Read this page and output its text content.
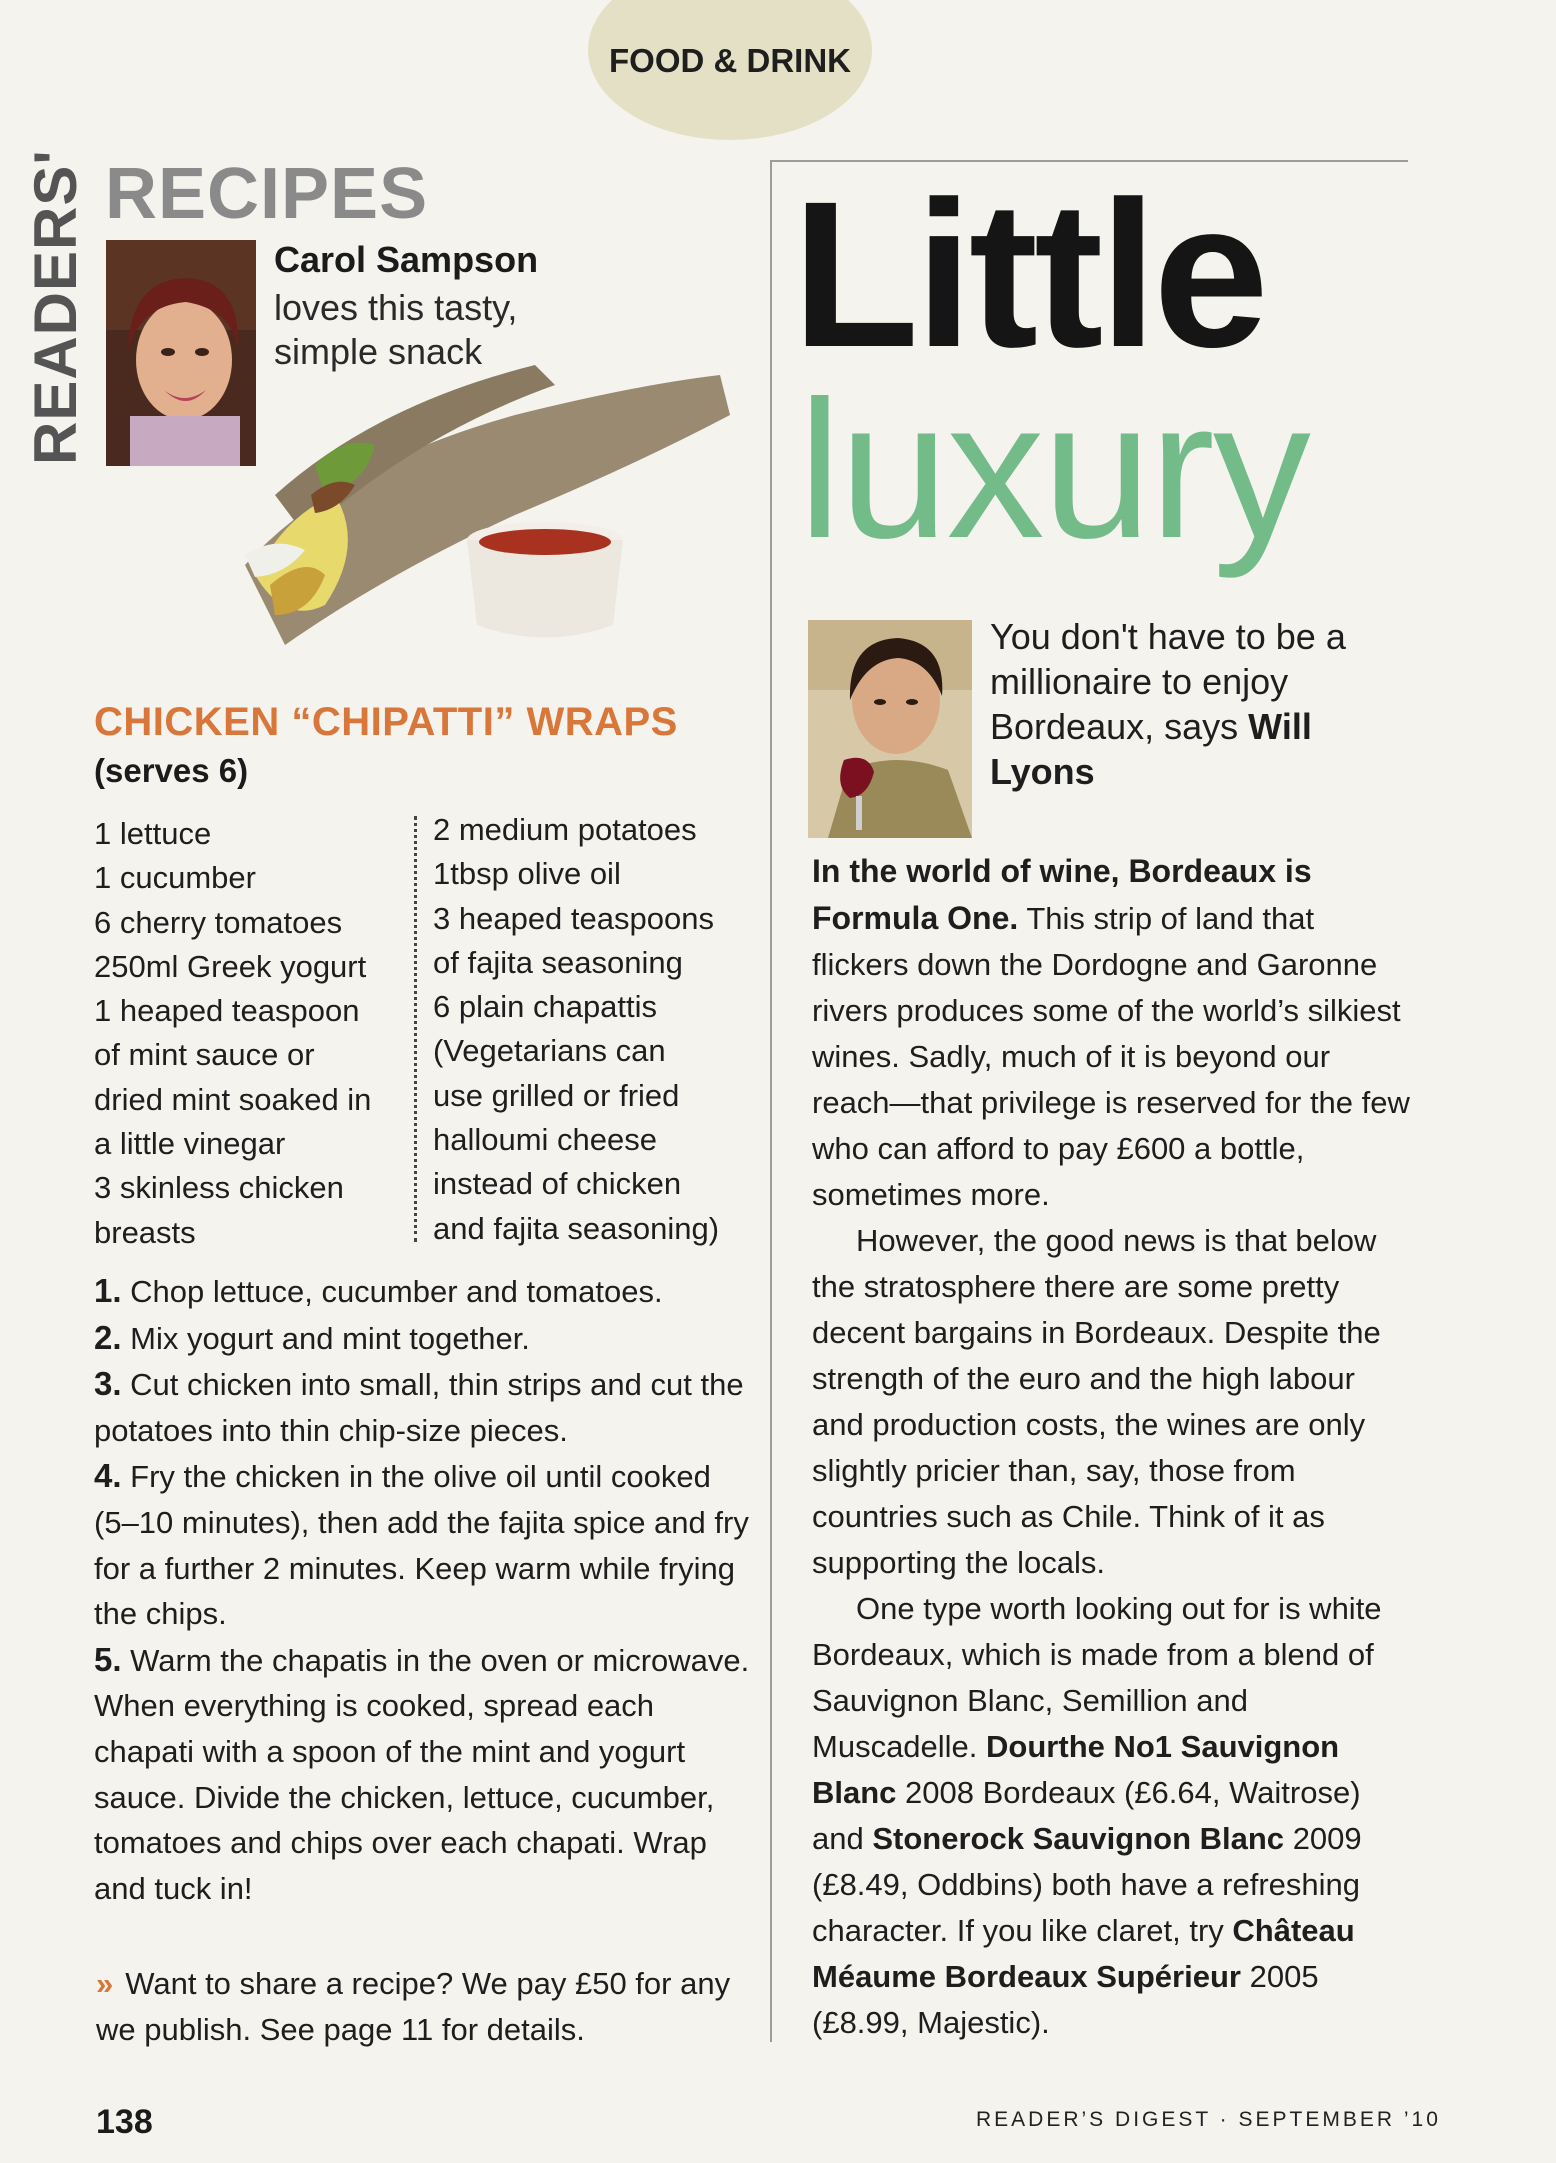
FOOD & DRINK
READERS' RECIPES
Carol Sampson
loves this tasty, simple snack
CHICKEN “CHIPATTI” WRAPS
(serves 6)
1 lettuce
1 cucumber
6 cherry tomatoes
250ml Greek yogurt
1 heaped teaspoon
of mint sauce or
dried mint soaked in
a little vinegar
3 skinless chicken
breasts
2 medium potatoes
1tbsp olive oil
3 heaped teaspoons
of fajita seasoning
6 plain chapattis
(Vegetarians can
use grilled or fried
halloumi cheese
instead of chicken
and fajita seasoning)
1. Chop lettuce, cucumber and tomatoes.
2. Mix yogurt and mint together.
3. Cut chicken into small, thin strips and cut the potatoes into thin chip-size pieces.
4. Fry the chicken in the olive oil until cooked (5–10 minutes), then add the fajita spice and fry for a further 2 minutes. Keep warm while frying the chips.
5. Warm the chapatis in the oven or microwave. When everything is cooked, spread each chapati with a spoon of the mint and yogurt sauce. Divide the chicken, lettuce, cucumber, tomatoes and chips over each chapati. Wrap and tuck in!
» Want to share a recipe? We pay £50 for any we publish. See page 11 for details.
Little
luxury
You don't have to be a millionaire to enjoy Bordeaux, says Will Lyons

In the world of wine, Bordeaux is Formula One. This strip of land that flickers down the Dordogne and Garonne rivers produces some of the world’s silkiest wines. Sadly, much of it is beyond our reach—that privilege is reserved for the few who can afford to pay £600 a bottle, sometimes more.

However, the good news is that below the stratosphere there are some pretty decent bargains in Bordeaux. Despite the strength of the euro and the high labour and production costs, the wines are only slightly pricier than, say, those from countries such as Chile. Think of it as supporting the locals.

One type worth looking out for is white Bordeaux, which is made from a blend of Sauvignon Blanc, Semillion and Muscadelle. Dourthe No1 Sauvignon Blanc 2008 Bordeaux (£6.64, Waitrose) and Stonerock Sauvignon Blanc 2009 (£8.49, Oddbins) both have a refreshing character. If you like claret, try Château Méaume Bordeaux Supérieur 2005 (£8.99, Majestic).

138	READER’S DIGEST · SEPTEMBER ’10
